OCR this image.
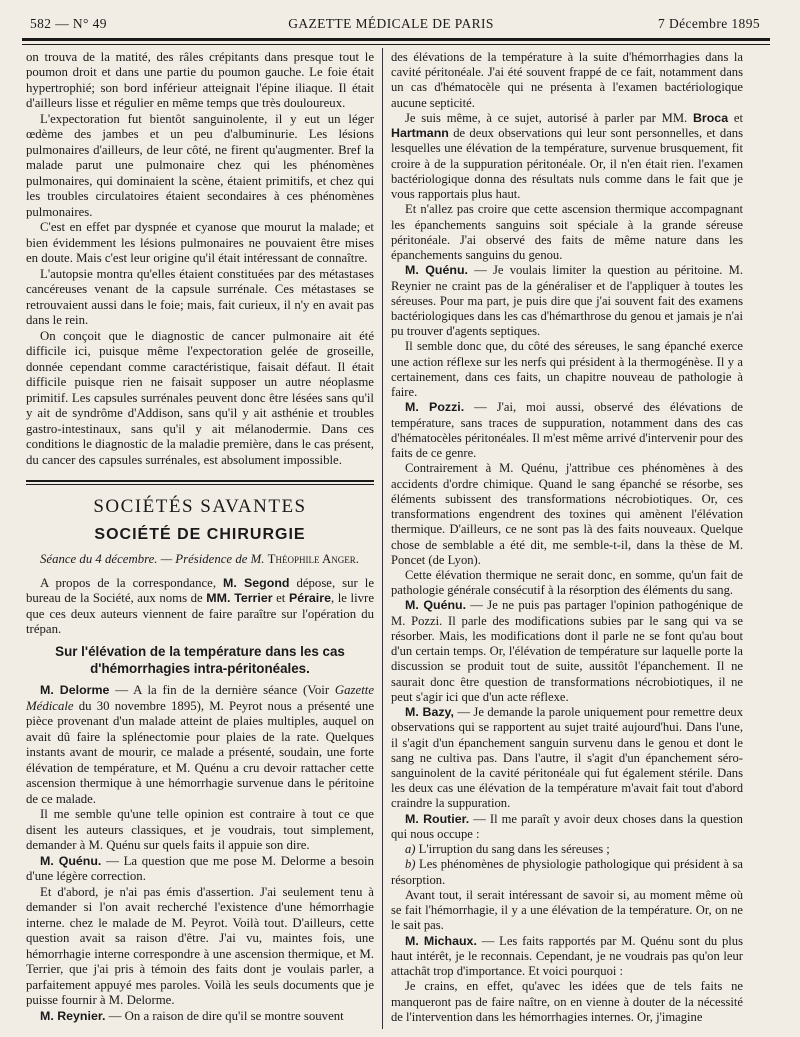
582 — N° 49	GAZETTE MÉDICALE DE PARIS	7 Décembre 1895

on trouva de la matité, des râles crépitants dans presque tout le poumon droit et dans une partie du poumon gauche. Le foie était hypertrophié; son bord inférieur atteignait l'épine iliaque. Il était d'ailleurs lisse et régulier en même temps que très douloureux.

L'expectoration fut bientôt sanguinolente, il y eut un léger œdème des jambes et un peu d'albuminurie. Les lésions pulmonaires d'ailleurs, de leur côté, ne firent qu'augmenter. Bref la malade parut une pulmonaire chez qui les phénomènes pulmonaires, qui dominaient la scène, étaient primitifs, et chez qui les troubles circulatoires étaient secondaires à ces phénomènes pulmonaires.

C'est en effet par dyspnée et cyanose que mourut la malade; et bien évidemment les lésions pulmonaires ne pouvaient être mises en doute. Mais c'est leur origine qu'il était intéressant de connaître.

L'autopsie montra qu'elles étaient constituées par des métastases cancéreuses venant de la capsule surrénale. Ces métastases se retrouvaient aussi dans le foie; mais, fait curieux, il n'y en avait pas dans le rein.

On conçoit que le diagnostic de cancer pulmonaire ait été difficile ici, puisque même l'expectoration gelée de groseille, donnée cependant comme caractéristique, faisait défaut. Il était difficile puisque rien ne faisait supposer un autre néoplasme primitif. Les capsules surrénales peuvent donc être lésées sans qu'il y ait de syndrôme d'Addison, sans qu'il y ait asthénie et troubles gastro-intestinaux, sans qu'il y ait mélanodermie. Dans ces conditions le diagnostic de la maladie première, dans le cas présent, du cancer des capsules surrénales, est absolument impossible.

SOCIÉTÉS SAVANTES

SOCIÉTÉ DE CHIRURGIE

Séance du 4 décembre. — Présidence de M. Théophile Anger.

A propos de la correspondance, M. Segond dépose, sur le bureau de la Société, aux noms de MM. Terrier et Péraire, le livre que ces deux auteurs viennent de faire paraître sur l'opération du trépan.

Sur l'élévation de la température dans les cas d'hémorrhagies intra-péritonéales.

M. Delorme — A la fin de la dernière séance (Voir Gazette Médicale du 30 novembre 1895), M. Peyrot nous a présenté une pièce provenant d'un malade atteint de plaies multiples, auquel on avait dû faire la splénectomie pour plaies de la rate. Quelques instants avant de mourir, ce malade a présenté, soudain, une forte élévation de température, et M. Quénu a cru devoir rattacher cette ascension thermique à une hémorrhagie survenue dans le péritoine de ce malade.

Il me semble qu'une telle opinion est contraire à tout ce que disent les auteurs classiques, et je voudrais, tout simplement, demander à M. Quénu sur quels faits il appuie son dire.

M. Quénu. — La question que me pose M. Delorme a besoin d'une légère correction.

Et d'abord, je n'ai pas émis d'assertion. J'ai seulement tenu à demander si l'on avait recherché l'existence d'une hémorrhagie interne. chez le malade de M. Peyrot. Voilà tout. D'ailleurs, cette question avait sa raison d'être. J'ai vu, maintes fois, une hémorrhagie interne correspondre à une ascension thermique, et M. Terrier, que j'ai pris à témoin des faits dont je voulais parler, a parfaitement appuyé mes paroles. Voilà les seuls documents que je puisse fournir à M. Delorme.

M. Reynier. — On a raison de dire qu'il se montre souvent

des élévations de la température à la suite d'hémorrhagies dans la cavité péritonéale. J'ai été souvent frappé de ce fait, notamment dans un cas d'hématocèle qui ne présenta à l'examen bactériologique aucune septicité.

Je suis même, à ce sujet, autorisé à parler par MM. Broca et Hartmann de deux observations qui leur sont personnelles, et dans lesquelles une élévation de la température, survenue brusquement, fit croire à de la suppuration péritonéale. Or, il n'en était rien. l'examen bactériologique donna des résultats nuls comme dans le fait que je vous rapportais plus haut.

Et n'allez pas croire que cette ascension thermique accompagnant les épanchements sanguins soit spéciale à la grande séreuse péritonéale. J'ai observé des faits de même nature dans les épanchements sanguins du genou.

M. Quénu. — Je voulais limiter la question au péritoine. M. Reynier ne craint pas de la généraliser et de l'appliquer à toutes les séreuses. Pour ma part, je puis dire que j'ai souvent fait des examens bactériologiques dans les cas d'hémarthrose du genou et jamais je n'ai pu trouver d'agents septiques.

Il semble donc que, du côté des séreuses, le sang épanché exerce une action réflexe sur les nerfs qui président à la thermogénèse. Il y a certainement, dans ces faits, un chapitre nouveau de pathologie à faire.

M. Pozzi. — J'ai, moi aussi, observé des élévations de température, sans traces de suppuration, notamment dans des cas d'hématocèles péritonéales. Il m'est même arrivé d'intervenir pour des faits de ce genre.

Contrairement à M. Quénu, j'attribue ces phénomènes à des accidents d'ordre chimique. Quand le sang épanché se résorbe, ses éléments subissent des transformations nécrobiotiques. Or, ces transformations engendrent des toxines qui amènent l'élévation thermique. D'ailleurs, ce ne sont pas là des faits nouveaux. Quelque chose de semblable a été dit, me semble-t-il, dans la thèse de M. Poncet (de Lyon).

Cette élévation thermique ne serait donc, en somme, qu'un fait de pathologie générale consécutif à la résorption des éléments du sang.

M. Quénu. — Je ne puis pas partager l'opinion pathogénique de M. Pozzi. Il parle des modifications subies par le sang qui va se résorber. Mais, les modifications dont il parle ne se font qu'au bout d'un certain temps. Or, l'élévation de température sur laquelle porte la discussion se produit tout de suite, aussitôt l'épanchement. Il ne saurait donc être question de transformations nécrobiotiques, il ne peut s'agir ici que d'un acte réflexe.

M. Bazy, — Je demande la parole uniquement pour remettre deux observations qui se rapportent au sujet traité aujourd'hui. Dans l'une, il s'agit d'un épanchement sanguin survenu dans le genou et dont le sang ne cultiva pas. Dans l'autre, il s'agit d'un épanchement séro-sanguinolent de la cavité péritonéale qui fut également stérile. Dans les deux cas une élévation de la température m'avait fait tout d'abord craindre la suppuration.

M. Routier. — Il me paraît y avoir deux choses dans la question qui nous occupe :

a) L'irruption du sang dans les séreuses ;

b) Les phénomènes de physiologie pathologique qui président à sa résorption.

Avant tout, il serait intéressant de savoir si, au moment même où se fait l'hémorrhagie, il y a une élévation de la température. Or, on ne le sait pas.

M. Michaux. — Les faits rapportés par M. Quénu sont du plus haut intérêt, je le reconnais. Cependant, je ne voudrais pas qu'on leur attachât trop d'importance. Et voici pourquoi :

Je crains, en effet, qu'avec les idées que de tels faits ne manqueront pas de faire naître, on en vienne à douter de la nécessité de l'intervention dans les hémorrhagies internes. Or, j'imagine
